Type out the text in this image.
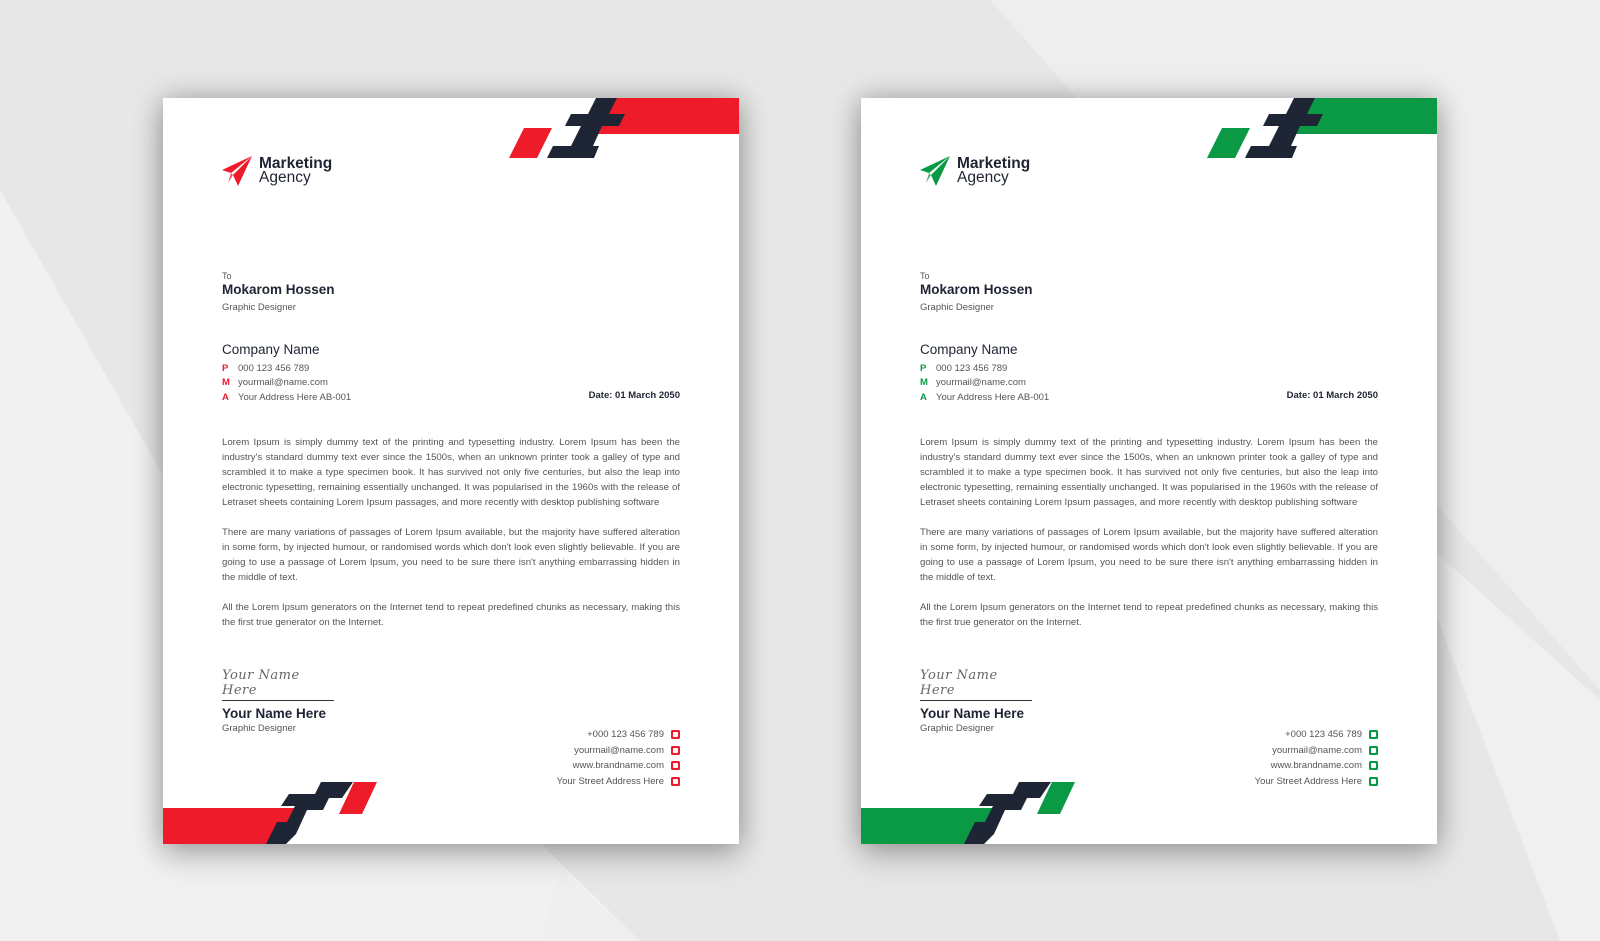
Marketing
Agency
To
Mokarom Hossen
Graphic Designer
Company Name
P	000 123 456 789
M yourmail@name.com
A Your Address Here AB-001	Date: 01 March 2050

Lorem Ipsum is simply dummy text of the printing and typesetting industry. Lorem Ipsum has been the industry's standard dummy text ever since the 1500s, when an unknown printer took a galley of type and scrambled it to make a type specimen book. It has survived not only five centuries, but also the leap into electronic typesetting, remaining essentially unchanged. It was popularised in the 1960s with the release of Letraset sheets containing Lorem Ipsum passages, and more recently with desktop publishing software

There are many variations of passages of Lorem Ipsum available, but the majority have suffered alteration in some form, by injected humour, or randomised words which don't look even slightly believable. If you are going to use a passage of Lorem Ipsum, you need to be sure there isn't anything embarrassing hidden in the middle of text.

All the Lorem Ipsum generators on the Internet tend to repeat predefined chunks as necessary, making this the first true generator on the Internet.

Your Name Here
Your Name Here
Graphic Designer
+000 123 456 789
yourmail@name.com
www.brandname.com
Your Street Address Here
Marketing
Agency
To
Mokarom Hossen
Graphic Designer
Company Name
P	000 123 456 789
M yourmail@name.com
A Your Address Here AB-001	Date: 01 March 2050

Lorem Ipsum is simply dummy text of the printing and typesetting industry. Lorem Ipsum has been the industry's standard dummy text ever since the 1500s, when an unknown printer took a galley of type and scrambled it to make a type specimen book. It has survived not only five centuries, but also the leap into electronic typesetting, remaining essentially unchanged. It was popularised in the 1960s with the release of Letraset sheets containing Lorem Ipsum passages, and more recently with desktop publishing software

There are many variations of passages of Lorem Ipsum available, but the majority have suffered alteration in some form, by injected humour, or randomised words which don't look even slightly believable. If you are going to use a passage of Lorem Ipsum, you need to be sure there isn't anything embarrassing hidden in the middle of text.

All the Lorem Ipsum generators on the Internet tend to repeat predefined chunks as necessary, making this the first true generator on the Internet.

Your Name Here
Your Name Here
Graphic Designer
+000 123 456 789
yourmail@name.com
www.brandname.com
Your Street Address Here
